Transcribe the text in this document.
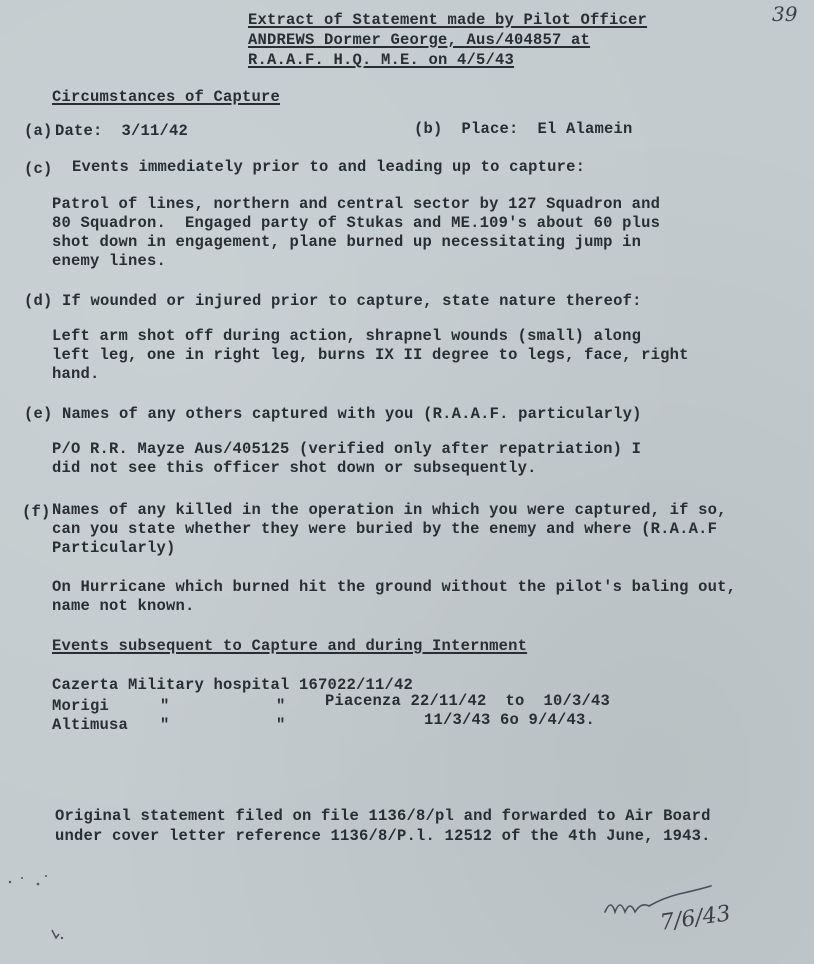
Extract of Statement made by Pilot Officer
ANDREWS Dormer George, Aus/404857 at
R.A.A.F. H.Q. M.E. on 4/5/43
39
Circumstances of Capture
(a) Date:  3/11/42	(b)  Place:  El Alamein
(c) Events immediately prior to and leading up to capture:
Patrol of lines, northern and central sector by 127 Squadron and
80 Squadron.  Engaged party of Stukas and ME.109's about 60 plus
shot down in engagement, plane burned up necessitating jump in
enemy lines.
(d) If wounded or injured prior to capture, state nature thereof:
Left arm shot off during action, shrapnel wounds (small) along
left leg, one in right leg, burns IX II degree to legs, face, right
hand.
(e) Names of any others captured with you (R.A.A.F. particularly)
P/O R.R. Mayze Aus/405125 (verified only after repatriation) I
did not see this officer shot down or subsequently.
(f) Names of any killed in the operation in which you were captured, if so,
can you state whether they were buried by the enemy and where (R.A.A.F
Particularly)
On Hurricane which burned hit the ground without the pilot's baling out,
name not known.
Events subsequent to Capture and during Internment
Cazerta Military hospital 167022/11/42
Morigi	"	"	Piacenza 22/11/42  to  10/3/43
Altimusa "	"	11/3/43 6o 9/4/43.
Original statement filed on file 1136/8/pl and forwarded to Air Board
under cover letter reference 1136/8/P.l. 12512 of the 4th June, 1943.
7/6/43
